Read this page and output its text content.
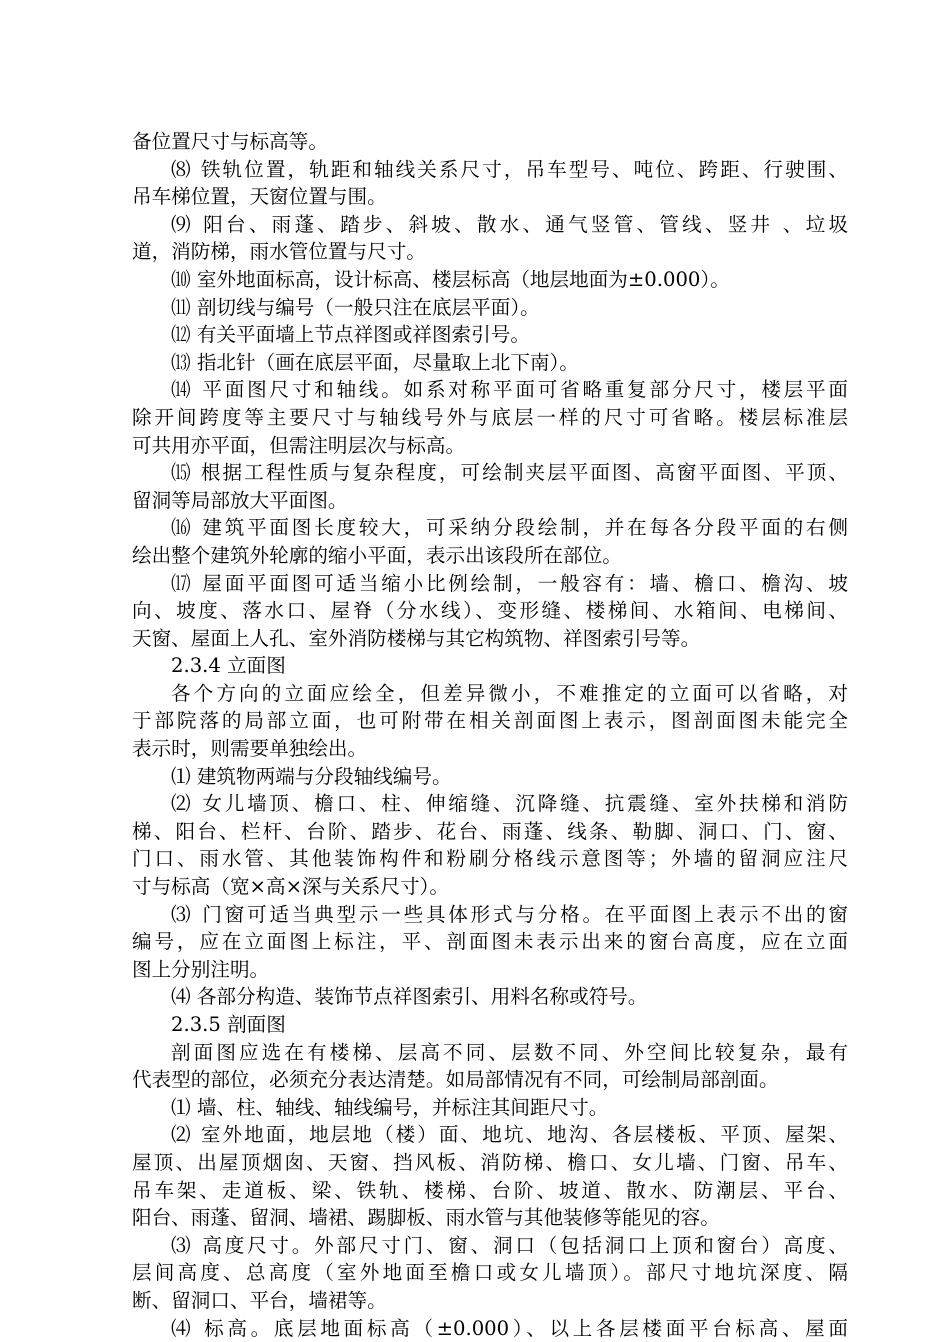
备位置尺寸与标高等。
⑻ 铁轨位置，轨距和轴线关系尺寸，吊车型号、吨位、跨距、行驶围、
吊车梯位置，天窗位置与围。
⑼ 阳台、雨蓬、踏步、斜坡、散水、通气竖管、管线、竖井 、垃圾
道，消防梯，雨水管位置与尺寸。
⑽ 室外地面标高，设计标高、楼层标高（地层地面为±0.000）。
⑾ 剖切线与编号（一般只注在底层平面）。
⑿ 有关平面墙上节点祥图或祥图索引号。
⒀ 指北针（画在底层平面，尽量取上北下南）。
⒁ 平面图尺寸和轴线。如系对称平面可省略重复部分尺寸，楼层平面
除开间跨度等主要尺寸与轴线号外与底层一样的尺寸可省略。楼层标准层
可共用亦平面，但需注明层次与标高。
⒂ 根据工程性质与复杂程度，可绘制夹层平面图、高窗平面图、平顶、
留洞等局部放大平面图。
⒃ 建筑平面图长度较大，可采纳分段绘制，并在每各分段平面的右侧
绘出整个建筑外轮廓的缩小平面，表示出该段所在部位。
⒄ 屋面平面图可适当缩小比例绘制，一般容有：墙、檐口、檐沟、坡
向、坡度、落水口、屋脊（分水线）、变形缝、楼梯间、水箱间、电梯间、
天窗、屋面上人孔、室外消防楼梯与其它构筑物、祥图索引号等。
2.3.4 立面图
各个方向的立面应绘全，但差异微小，不难推定的立面可以省略，对
于部院落的局部立面，也可附带在相关剖面图上表示，图剖面图未能完全
表示时，则需要单独绘出。
⑴ 建筑物两端与分段轴线编号。
⑵ 女儿墙顶、檐口、柱、伸缩缝、沉降缝、抗震缝、室外扶梯和消防
梯、阳台、栏杆、台阶、踏步、花台、雨蓬、线条、勒脚、洞口、门、窗、
门口、雨水管、其他装饰构件和粉刷分格线示意图等；外墙的留洞应注尺
寸与标高（宽×高×深与关系尺寸）。
⑶ 门窗可适当典型示一些具体形式与分格。在平面图上表示不出的窗
编号，应在立面图上标注，平、剖面图未表示出来的窗台高度，应在立面
图上分别注明。
⑷ 各部分构造、装饰节点祥图索引、用料名称或符号。
2.3.5 剖面图
剖面图应选在有楼梯、层高不同、层数不同、外空间比较复杂，最有
代表型的部位，必须充分表达清楚。如局部情况有不同，可绘制局部剖面。
⑴ 墙、柱、轴线、轴线编号，并标注其间距尺寸。
⑵ 室外地面，地层地（楼）面、地坑、地沟、各层楼板、平顶、屋架、
屋顶、出屋顶烟囱、天窗、挡风板、消防梯、檐口、女儿墙、门窗、吊车、
吊车架、走道板、梁、铁轨、楼梯、台阶、坡道、散水、防潮层、平台、
阳台、雨蓬、留洞、墙裙、踢脚板、雨水管与其他装修等能见的容。
⑶ 高度尺寸。外部尺寸门、窗、洞口（包括洞口上顶和窗台）高度、
层间高度、总高度（室外地面至檐口或女儿墙顶）。部尺寸地坑深度、隔
断、留洞口、平台，墙裙等。
⑷ 标高。底层地面标高（±0.000）、以上各层楼面平台标高、屋面
